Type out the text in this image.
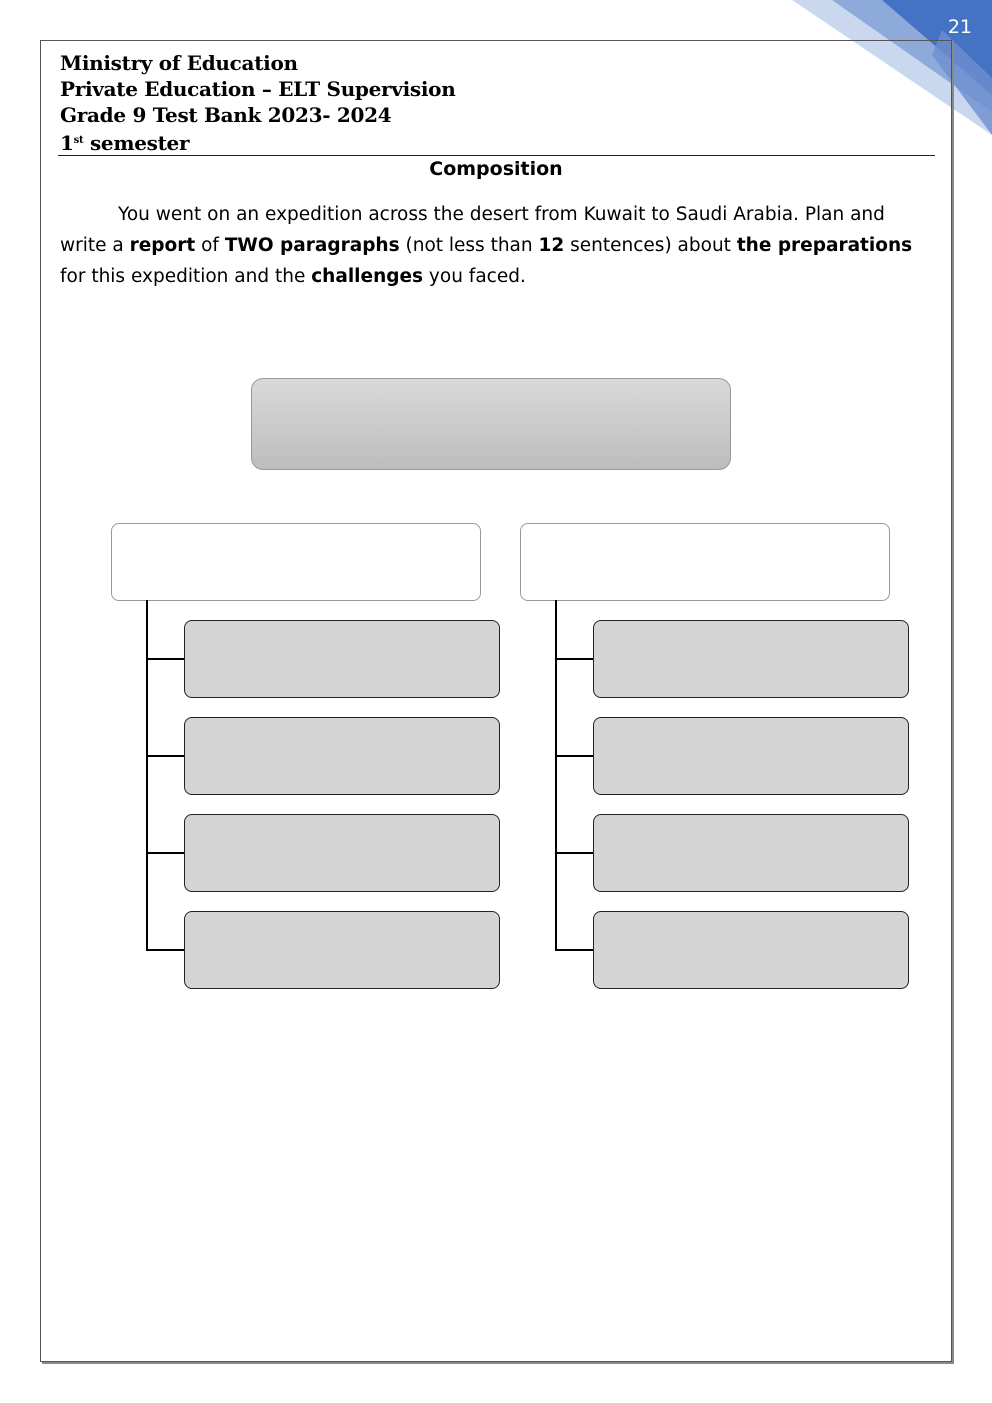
21
Ministry of Education
Private Education – ELT Supervision
Grade 9 Test Bank 2023- 2024
1st semester
Composition
You went on an expedition across the desert from Kuwait to Saudi Arabia. Plan and write a report of TWO paragraphs (not less than 12 sentences) about the preparations for this expedition and the challenges you faced.
